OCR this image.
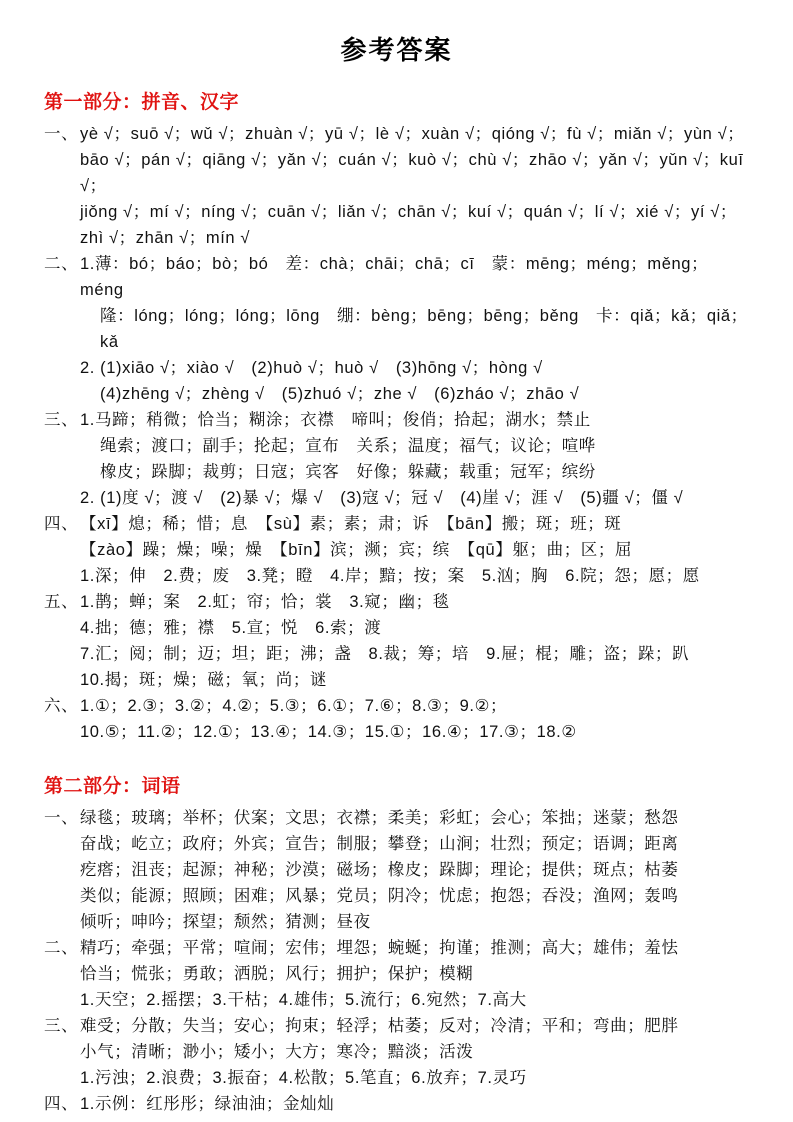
参考答案
第一部分：拼音、汉字
一、 yè √；suō √；wǔ √；zhuàn √；yū √；lè √；xuàn √；qióng √；fù √；miǎn √；yùn √；
bāo √；pán √；qiāng √；yǎn √；cuán √；kuò √；chù √；zhāo √；yǎn √；yǔn √；kuī √；
jiǒng √；mí √；níng √；cuān √；liǎn √；chān √；kuí √；quán √；lí √；xié √；yí √；
zhì √；zhān √；mín √
二、 1.薄：bó；báo；bò；bó　差：chà；chāi；chā；cī　蒙：mēng；méng；měng；méng
隆：lóng；lóng；lóng；lōng　绷：bèng；bēng；bēng；běng　卡：qiǎ；kǎ；qiǎ；kǎ
2. (1)xiāo √；xiào √　(2)huò √；huò √　(3)hōng √；hòng √
(4)zhēng √；zhèng √　(5)zhuó √；zhe √　(6)zháo √；zhāo √
三、 1.马蹄；稍微；恰当；糊涂；衣襟　啼叫；俊俏；拾起；湖水；禁止
绳索；渡口；副手；抡起；宣布　关系；温度；福气；议论；喧哗
橡皮；跺脚；裁剪；日寇；宾客　好像；躲藏；载重；冠军；缤纷
2. (1)度 √；渡 √　(2)暴 √；爆 √　(3)寇 √；冠 √　(4)崖 √；涯 √　(5)疆 √；僵 √
四、 【xī】熄；稀；惜；息　【sù】素；素；肃；诉　【bān】搬；斑；班；斑
【zào】躁；燥；噪；燥　【bīn】滨；濒；宾；缤　【qū】躯；曲；区；屈
1.深；伸　2.费；废　3.凳；瞪　4.岸；黯；按；案　5.汹；胸　6.院；怨；愿；愿
五、 1.鹊；蝉；案　2.虹；帘；恰；裳　3.窥；幽；毯
4.拙；德；雅；襟　5.宣；悦　6.索；渡
7.汇；阅；制；迈；坦；距；沸；盏　8.裁；筹；培　9.屉；棍；雕；盗；跺；趴
10.揭；斑；燥；磁；氧；尚；谜
六、 1.①；2.③；3.②；4.②；5.③；6.①；7.⑥；8.③；9.②；
10.⑤；11.②；12.①；13.④；14.③；15.①；16.④；17.③；18.②
第二部分：词语
一、 绿毯；玻璃；举杯；伏案；文思；衣襟；柔美；彩虹；会心；笨拙；迷蒙；愁怨
奋战；屹立；政府；外宾；宣告；制服；攀登；山涧；壮烈；预定；语调；距离
疙瘩；沮丧；起源；神秘；沙漠；磁场；橡皮；跺脚；理论；提供；斑点；枯萎
类似；能源；照顾；困难；风暴；党员；阴冷；忧虑；抱怨；吞没；渔网；轰鸣
倾听；呻吟；探望；颓然；猜测；昼夜
二、 精巧；牵强；平常；喧闹；宏伟；埋怨；蜿蜒；拘谨；推测；高大；雄伟；羞怯
恰当；慌张；勇敢；洒脱；风行；拥护；保护；模糊
1.天空；2.摇摆；3.干枯；4.雄伟；5.流行；6.宛然；7.高大
三、 难受；分散；失当；安心；拘束；轻浮；枯萎；反对；冷清；平和；弯曲；肥胖
小气；清晰；渺小；矮小；大方；寒冷；黯淡；活泼
1.污浊；2.浪费；3.振奋；4.松散；5.笔直；6.放弃；7.灵巧
四、 1.示例：红彤彤；绿油油；金灿灿
